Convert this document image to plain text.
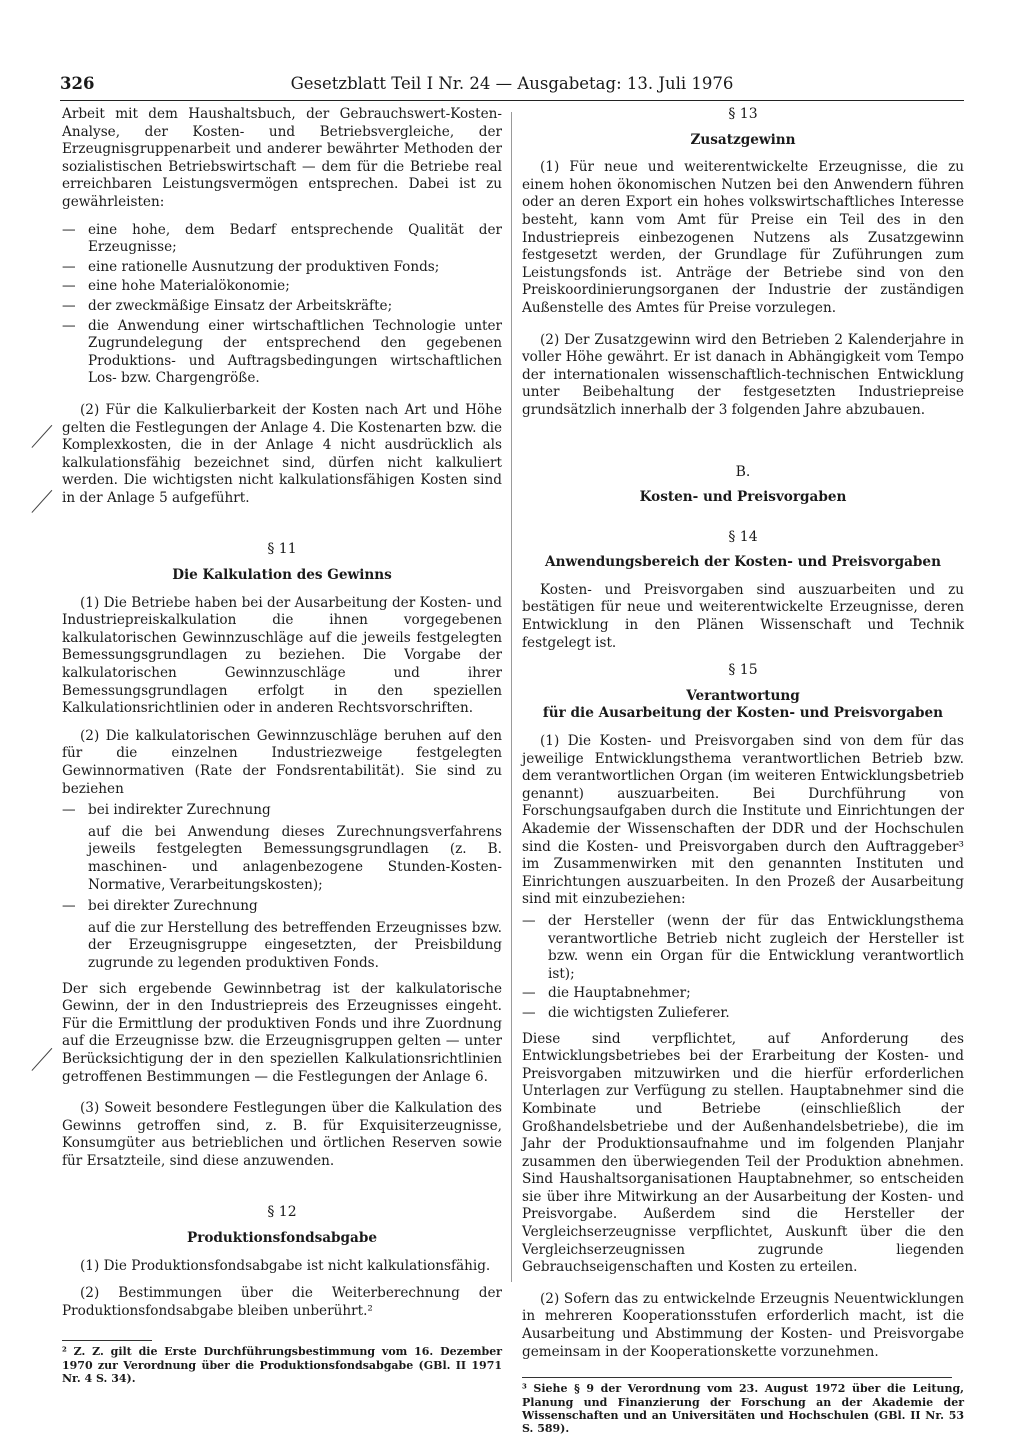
Gesetzblatt Teil I Nr. 24 — Ausgabetag: 13. Juli 1976
326

Arbeit mit dem Haushaltsbuch, der Gebrauchswert-Kosten-Analyse, der Kosten- und Betriebsvergleiche, der Erzeugnisgruppenarbeit und anderer bewährter Methoden der sozialistischen Betriebswirtschaft — dem für die Betriebe real erreichbaren Leistungsvermögen entsprechen. Dabei ist zu gewährleisten:

— eine hohe, dem Bedarf entsprechende Qualität der Erzeugnisse;
— eine rationelle Ausnutzung der produktiven Fonds;
— eine hohe Materialökonomie;
— der zweckmäßige Einsatz der Arbeitskräfte;
— die Anwendung einer wirtschaftlichen Technologie unter Zugrundelegung der entsprechend den gegebenen Produktions- und Auftragsbedingungen wirtschaftlichen Los- bzw. Chargengröße.

(2) Für die Kalkulierbarkeit der Kosten nach Art und Höhe gelten die Festlegungen der Anlage 4. Die Kostenarten bzw. die Komplexkosten, die in der Anlage 4 nicht ausdrücklich als kalkulationsfähig bezeichnet sind, dürfen nicht kalkuliert werden. Die wichtigsten nicht kalkulationsfähigen Kosten sind in der Anlage 5 aufgeführt.

§ 11
Die Kalkulation des Gewinns

(1) Die Betriebe haben bei der Ausarbeitung der Kosten- und Industriepreiskalkulation die ihnen vorgegebenen kalkulatorischen Gewinnzuschläge auf die jeweils festgelegten Bemessungsgrundlagen zu beziehen. Die Vorgabe der kalkulatorischen Gewinnzuschläge und ihrer Bemessungsgrundlagen erfolgt in den speziellen Kalkulationsrichtlinien oder in anderen Rechtsvorschriften.

(2) Die kalkulatorischen Gewinnzuschläge beruhen auf den für die einzelnen Industriezweige festgelegten Gewinnormativen (Rate der Fondsrentabilität). Sie sind zu beziehen

— bei indirekter Zurechnung
auf die bei Anwendung dieses Zurechnungsverfahrens jeweils festgelegten Bemessungsgrundlagen (z. B. maschinen- und anlagenbezogene Stunden-Kosten-Normative, Verarbeitungskosten);
— bei direkter Zurechnung
auf die zur Herstellung des betreffenden Erzeugnisses bzw. der Erzeugnisgruppe eingesetzten, der Preisbildung zugrunde zu legenden produktiven Fonds.

Der sich ergebende Gewinnbetrag ist der kalkulatorische Gewinn, der in den Industriepreis des Erzeugnisses eingeht. Für die Ermittlung der produktiven Fonds und ihre Zuordnung auf die Erzeugnisse bzw. die Erzeugnisgruppen gelten — unter Berücksichtigung der in den speziellen Kalkulationsrichtlinien getroffenen Bestimmungen — die Festlegungen der Anlage 6.

(3) Soweit besondere Festlegungen über die Kalkulation des Gewinns getroffen sind, z. B. für Exquisiterzeugnisse, Konsumgüter aus betrieblichen und örtlichen Reserven sowie für Ersatzteile, sind diese anzuwenden.

§ 12
Produktionsfondsabgabe

(1) Die Produktionsfondsabgabe ist nicht kalkulationsfähig.

(2) Bestimmungen über die Weiterberechnung der Produktionsfondsabgabe bleiben unberührt.²

² Z. Z. gilt die Erste Durchführungsbestimmung vom 16. Dezember 1970 zur Verordnung über die Produktionsfondsabgabe (GBl. II 1971 Nr. 4 S. 34).

§ 13
Zusatzgewinn

(1) Für neue und weiterentwickelte Erzeugnisse, die zu einem hohen ökonomischen Nutzen bei den Anwendern führen oder an deren Export ein hohes volkswirtschaftliches Interesse besteht, kann vom Amt für Preise ein Teil des in den Industriepreis einbezogenen Nutzens als Zusatzgewinn festgesetzt werden, der Grundlage für Zuführungen zum Leistungsfonds ist. Anträge der Betriebe sind von den Preiskoordinierungsorganen der Industrie der zuständigen Außenstelle des Amtes für Preise vorzulegen.

(2) Der Zusatzgewinn wird den Betrieben 2 Kalenderjahre in voller Höhe gewährt. Er ist danach in Abhängigkeit vom Tempo der internationalen wissenschaftlich-technischen Entwicklung unter Beibehaltung der festgesetzten Industriepreise grundsätzlich innerhalb der 3 folgenden Jahre abzubauen.

B.
Kosten- und Preisvorgaben
§ 14
Anwendungsbereich der Kosten- und Preisvorgaben

Kosten- und Preisvorgaben sind auszuarbeiten und zu bestätigen für neue und weiterentwickelte Erzeugnisse, deren Entwicklung in den Plänen Wissenschaft und Technik festgelegt ist.

§ 15
Verantwortung
für die Ausarbeitung der Kosten- und Preisvorgaben

(1) Die Kosten- und Preisvorgaben sind von dem für das jeweilige Entwicklungsthema verantwortlichen Betrieb bzw. dem verantwortlichen Organ (im weiteren Entwicklungsbetrieb genannt) auszuarbeiten. Bei Durchführung von Forschungsaufgaben durch die Institute und Einrichtungen der Akademie der Wissenschaften der DDR und der Hochschulen sind die Kosten- und Preisvorgaben durch den Auftraggeber³ im Zusammenwirken mit den genannten Instituten und Einrichtungen auszuarbeiten. In den Prozeß der Ausarbeitung sind mit einzubeziehen:

— der Hersteller (wenn der für das Entwicklungsthema verantwortliche Betrieb nicht zugleich der Hersteller ist bzw. wenn ein Organ für die Entwicklung verantwortlich ist);
— die Hauptabnehmer;
— die wichtigsten Zulieferer.

Diese sind verpflichtet, auf Anforderung des Entwicklungsbetriebes bei der Erarbeitung der Kosten- und Preisvorgaben mitzuwirken und die hierfür erforderlichen Unterlagen zur Verfügung zu stellen. Hauptabnehmer sind die Kombinate und Betriebe (einschließlich der Großhandelsbetriebe und der Außenhandelsbetriebe), die im Jahr der Produktionsaufnahme und im folgenden Planjahr zusammen den überwiegenden Teil der Produktion abnehmen. Sind Haushaltsorganisationen Hauptabnehmer, so entscheiden sie über ihre Mitwirkung an der Ausarbeitung der Kosten- und Preisvorgabe. Außerdem sind die Hersteller der Vergleichserzeugnisse verpflichtet, Auskunft über die den Vergleichserzeugnissen zugrunde liegenden Gebrauchseigenschaften und Kosten zu erteilen.

(2) Sofern das zu entwickelnde Erzeugnis Neuentwicklungen in mehreren Kooperationsstufen erforderlich macht, ist die Ausarbeitung und Abstimmung der Kosten- und Preisvorgabe gemeinsam in der Kooperationskette vorzunehmen.

³ Siehe § 9 der Verordnung vom 23. August 1972 über die Leitung, Planung und Finanzierung der Forschung an der Akademie der Wissenschaften und an Universitäten und Hochschulen (GBl. II Nr. 53 S. 589).
